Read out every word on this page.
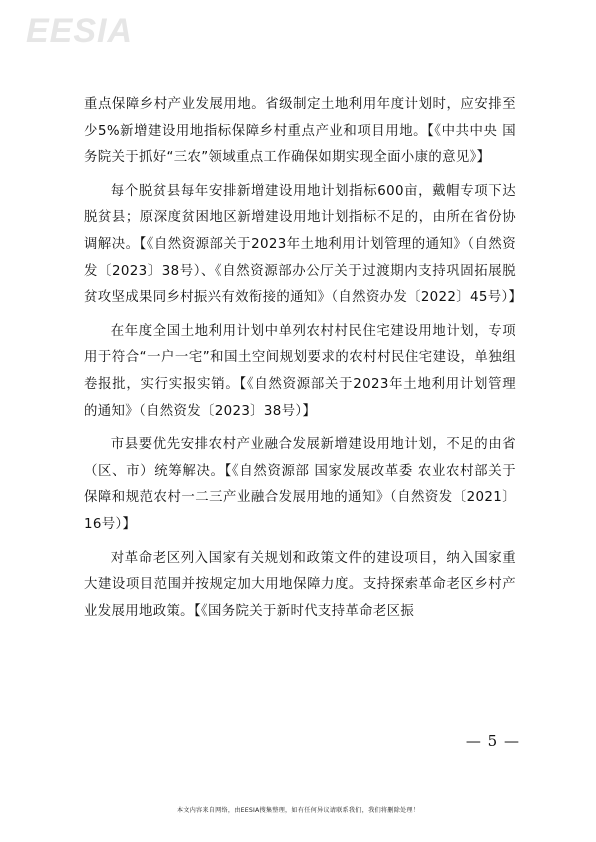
EESIA

重点保障乡村产业发展用地。省级制定土地利用年度计划时，应安排至少5%新增建设用地指标保障乡村重点产业和项目用地。【《中共中央 国务院关于抓好“三农”领域重点工作确保如期实现全面小康的意见》】

每个脱贫县每年安排新增建设用地计划指标600亩，戴帽专项下达脱贫县；原深度贫困地区新增建设用地计划指标不足的，由所在省份协调解决。【《自然资源部关于2023年土地利用计划管理的通知》（自然资发〔2023〕38号）、《自然资源部办公厅关于过渡期内支持巩固拓展脱贫攻坚成果同乡村振兴有效衔接的通知》（自然资办发〔2022〕45号）】

在年度全国土地利用计划中单列农村村民住宅建设用地计划，专项用于符合“一户一宅”和国土空间规划要求的农村村民住宅建设，单独组卷报批，实行实报实销。【《自然资源部关于2023年土地利用计划管理的通知》（自然资发〔2023〕38号）】

市县要优先安排农村产业融合发展新增建设用地计划，不足的由省（区、市）统筹解决。【《自然资源部 国家发展改革委 农业农村部关于保障和规范农村一二三产业融合发展用地的通知》（自然资发〔2021〕16号）】

对革命老区列入国家有关规划和政策文件的建设项目，纳入国家重大建设项目范围并按规定加大用地保障力度。支持探索革命老区乡村产业发展用地政策。【《国务院关于新时代支持革命老区振

— 5 —
本文内容来自网络，由EESIA搜集整理，如有任何异议请联系我们，我们将删除处理！
